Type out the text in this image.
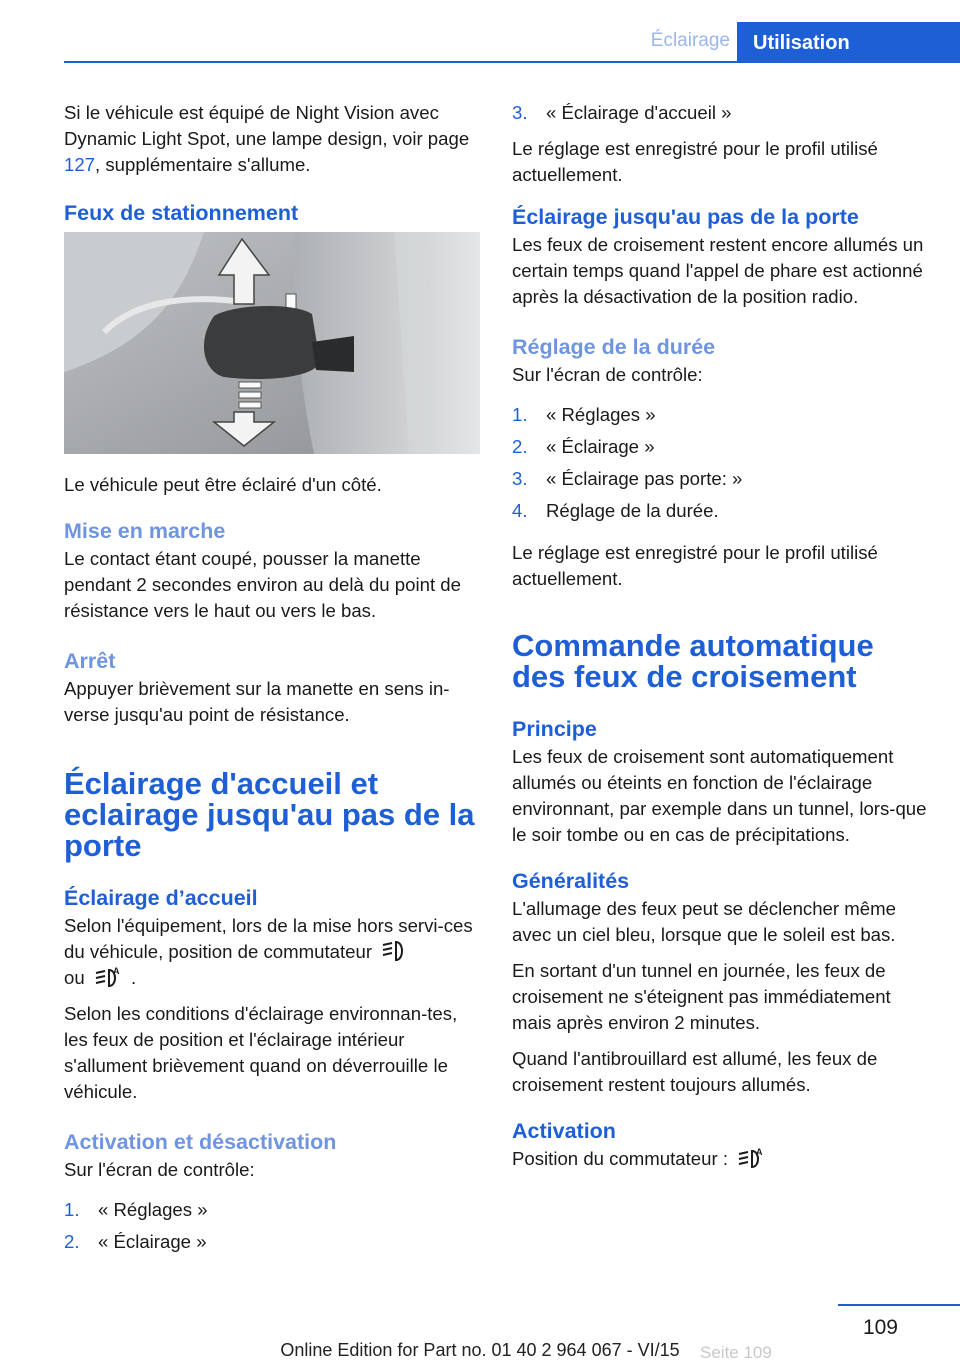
Éclairage	Utilisation

Si le véhicule est équipé de Night Vision avec Dynamic Light Spot, une lampe design, voir page 127, supplémentaire s'allume.

Feux de stationnement

Le véhicule peut être éclairé d'un côté.

Mise en marche

Le contact étant coupé, pousser la manette pendant 2 secondes environ au delà du point de résistance vers le haut ou vers le bas.

Arrêt

Appuyer brièvement sur la manette en sens in‐verse jusqu'au point de résistance.

Éclairage d'accueil et eclairage jusqu'au pas de la porte
Éclairage d’accueil

Selon l'équipement, lors de la mise hors servi‐ces du véhicule, position de commutateur
ou	A .

Selon les conditions d'éclairage environnan‐tes, les feux de position et l'éclairage intérieur s'allument brièvement quand on déverrouille le véhicule.

Activation et désactivation

Sur l'écran de contrôle:

1. « Réglages »
2. « Éclairage »
3. « Éclairage d'accueil »

Le réglage est enregistré pour le profil utilisé actuellement.

Éclairage jusqu'au pas de la porte

Les feux de croisement restent encore allumés un certain temps quand l'appel de phare est actionné après la désactivation de la position radio.

Réglage de la durée

Sur l'écran de contrôle:

1. « Réglages »
2. « Éclairage »
3. « Éclairage pas porte: »
4. Réglage de la durée.

Le réglage est enregistré pour le profil utilisé actuellement.

Commande automatique des feux de croisement
Principe

Les feux de croisement sont automatiquement allumés ou éteints en fonction de l'éclairage environnant, par exemple dans un tunnel, lors‐que le soir tombe ou en cas de précipitations.

Généralités

L'allumage des feux peut se déclencher même avec un ciel bleu, lorsque que le soleil est bas.

En sortant d'un tunnel en journée, les feux de croisement ne s'éteignent pas immédiatement mais après environ 2 minutes.

Quand l'antibrouillard est allumé, les feux de croisement restent toujours allumés.

Activation

Position du commutateur :	A

109
Online Edition for Part no. 01 40 2 964 067 - VI/15	Seite 109
